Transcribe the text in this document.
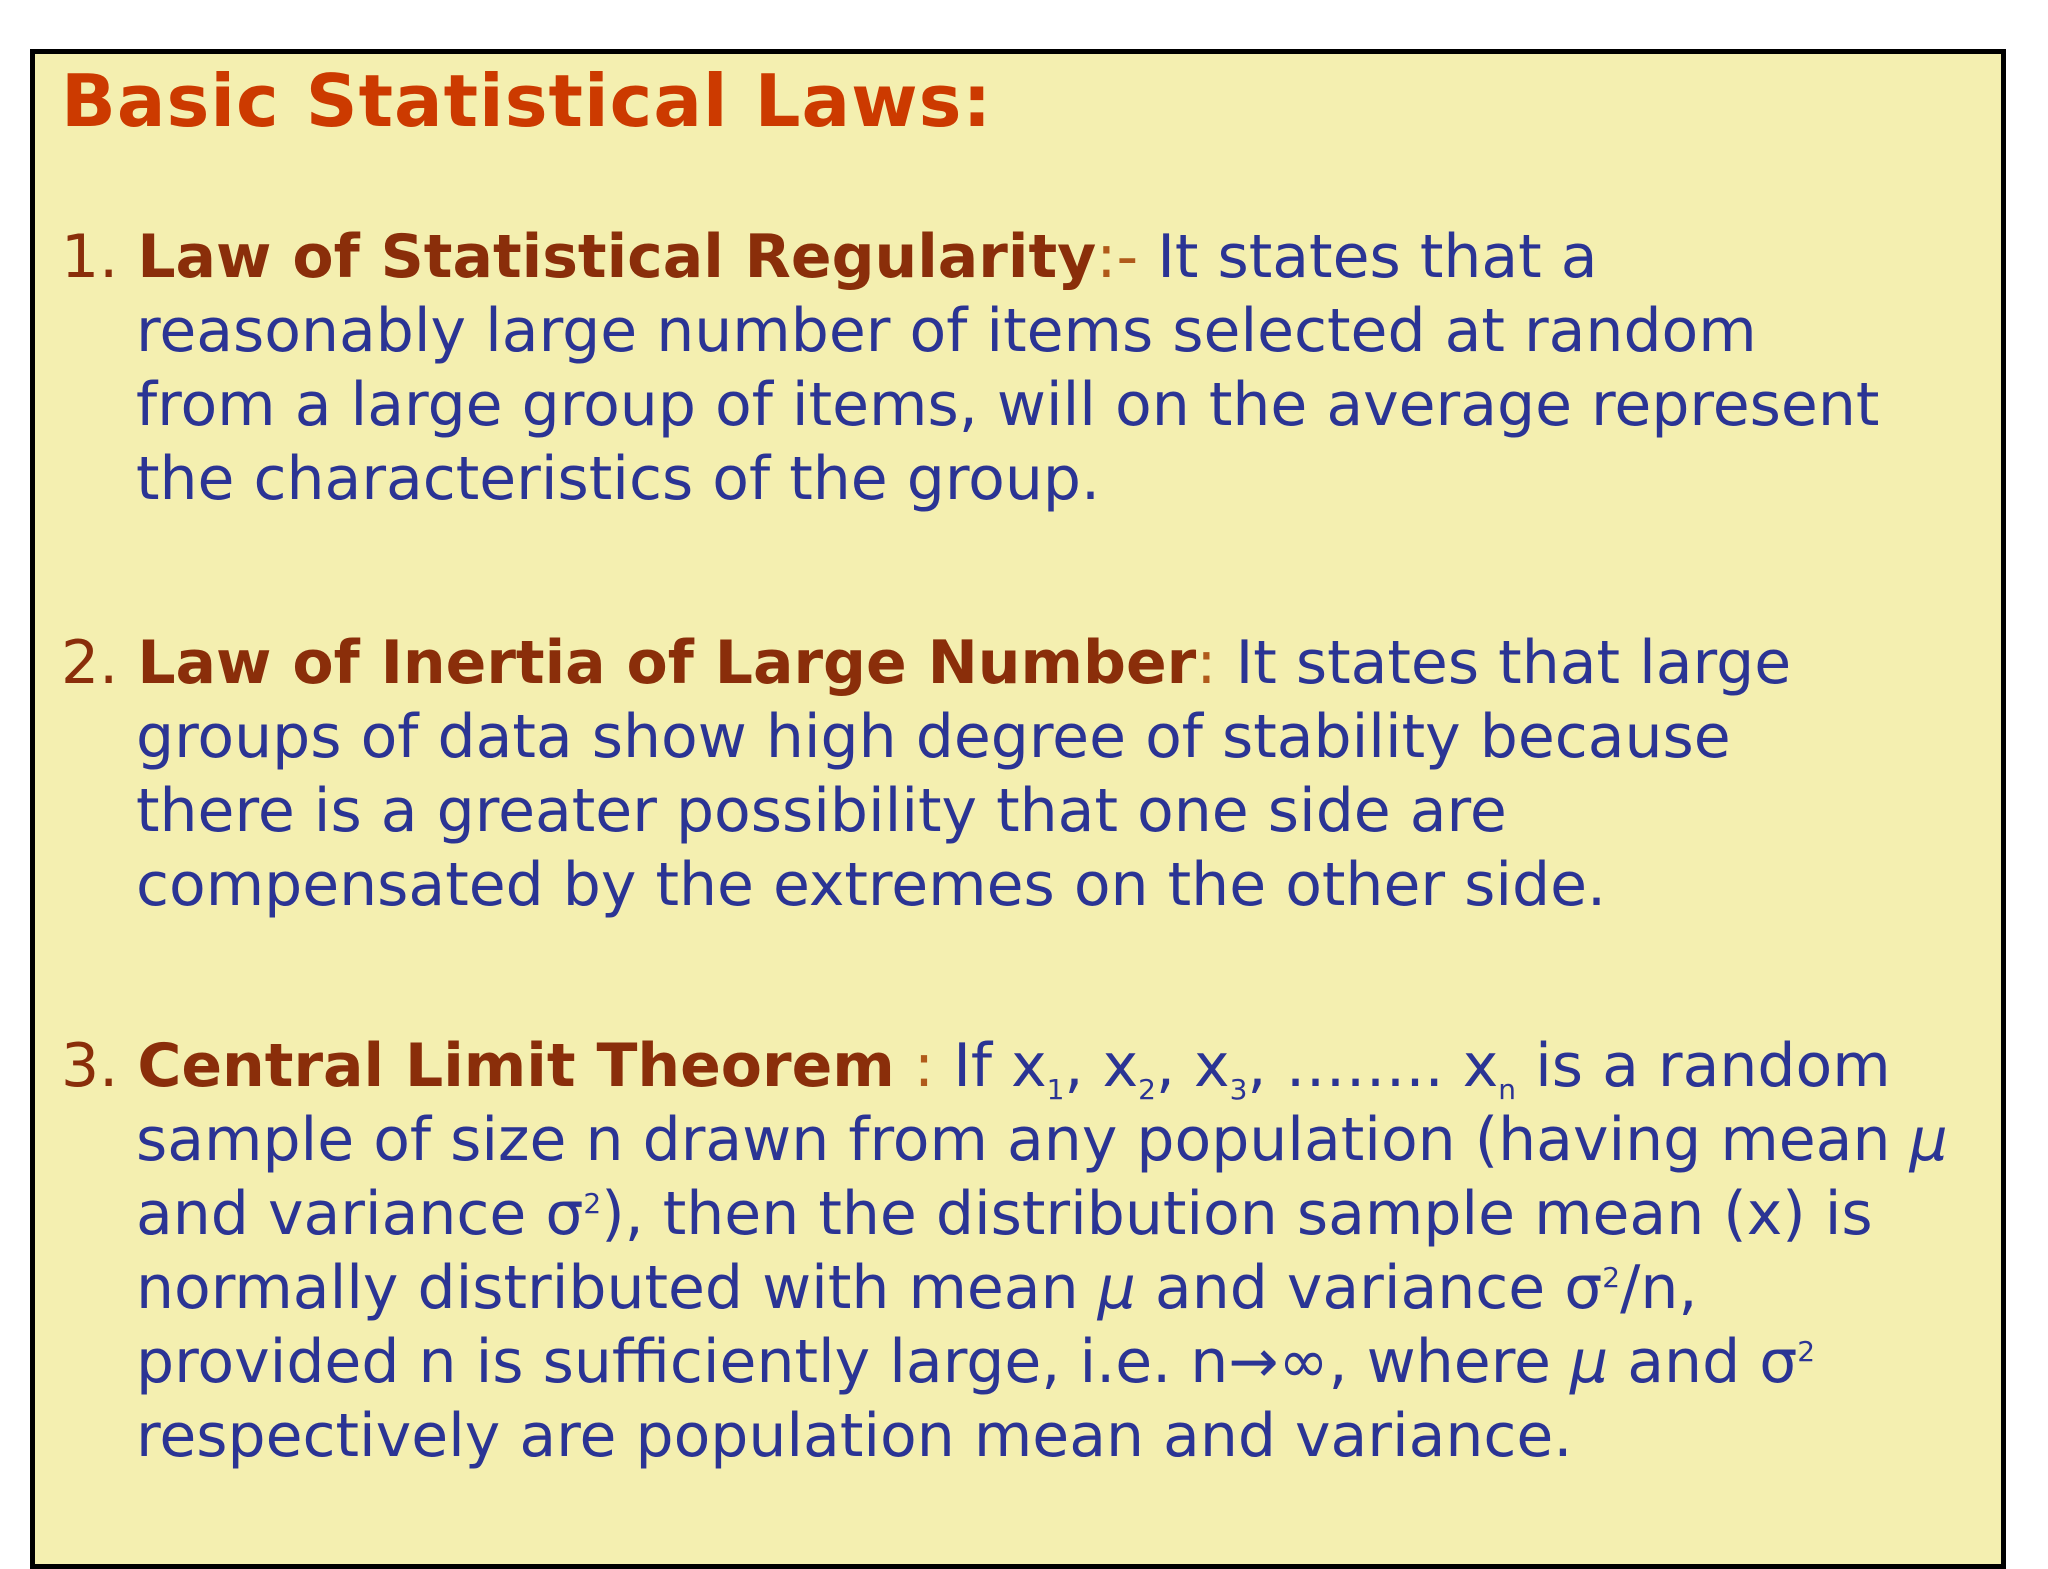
Basic Statistical Laws:
1. Law of Statistical Regularity:- It states that a
reasonably large number of items selected at random
from a large group of items, will on the average represent
the characteristics of the group.
2. Law of Inertia of Large Number: It states that large
groups of data show high degree of stability because
there is a greater possibility that one side are
compensated by the extremes on the other side.
3. Central Limit Theorem : If $x_1$, $x_2$, $x_3$, …….. $x_n$ is a random
sample of size n drawn from any population (having mean μ
and variance $\sigma^2$), then the distribution sample mean (x) is
normally distributed with mean μ and variance $\sigma^2/n$,
provided n is sufficiently large, i.e. n→∞, where μ and $\sigma^2$
respectively are population mean and variance.
